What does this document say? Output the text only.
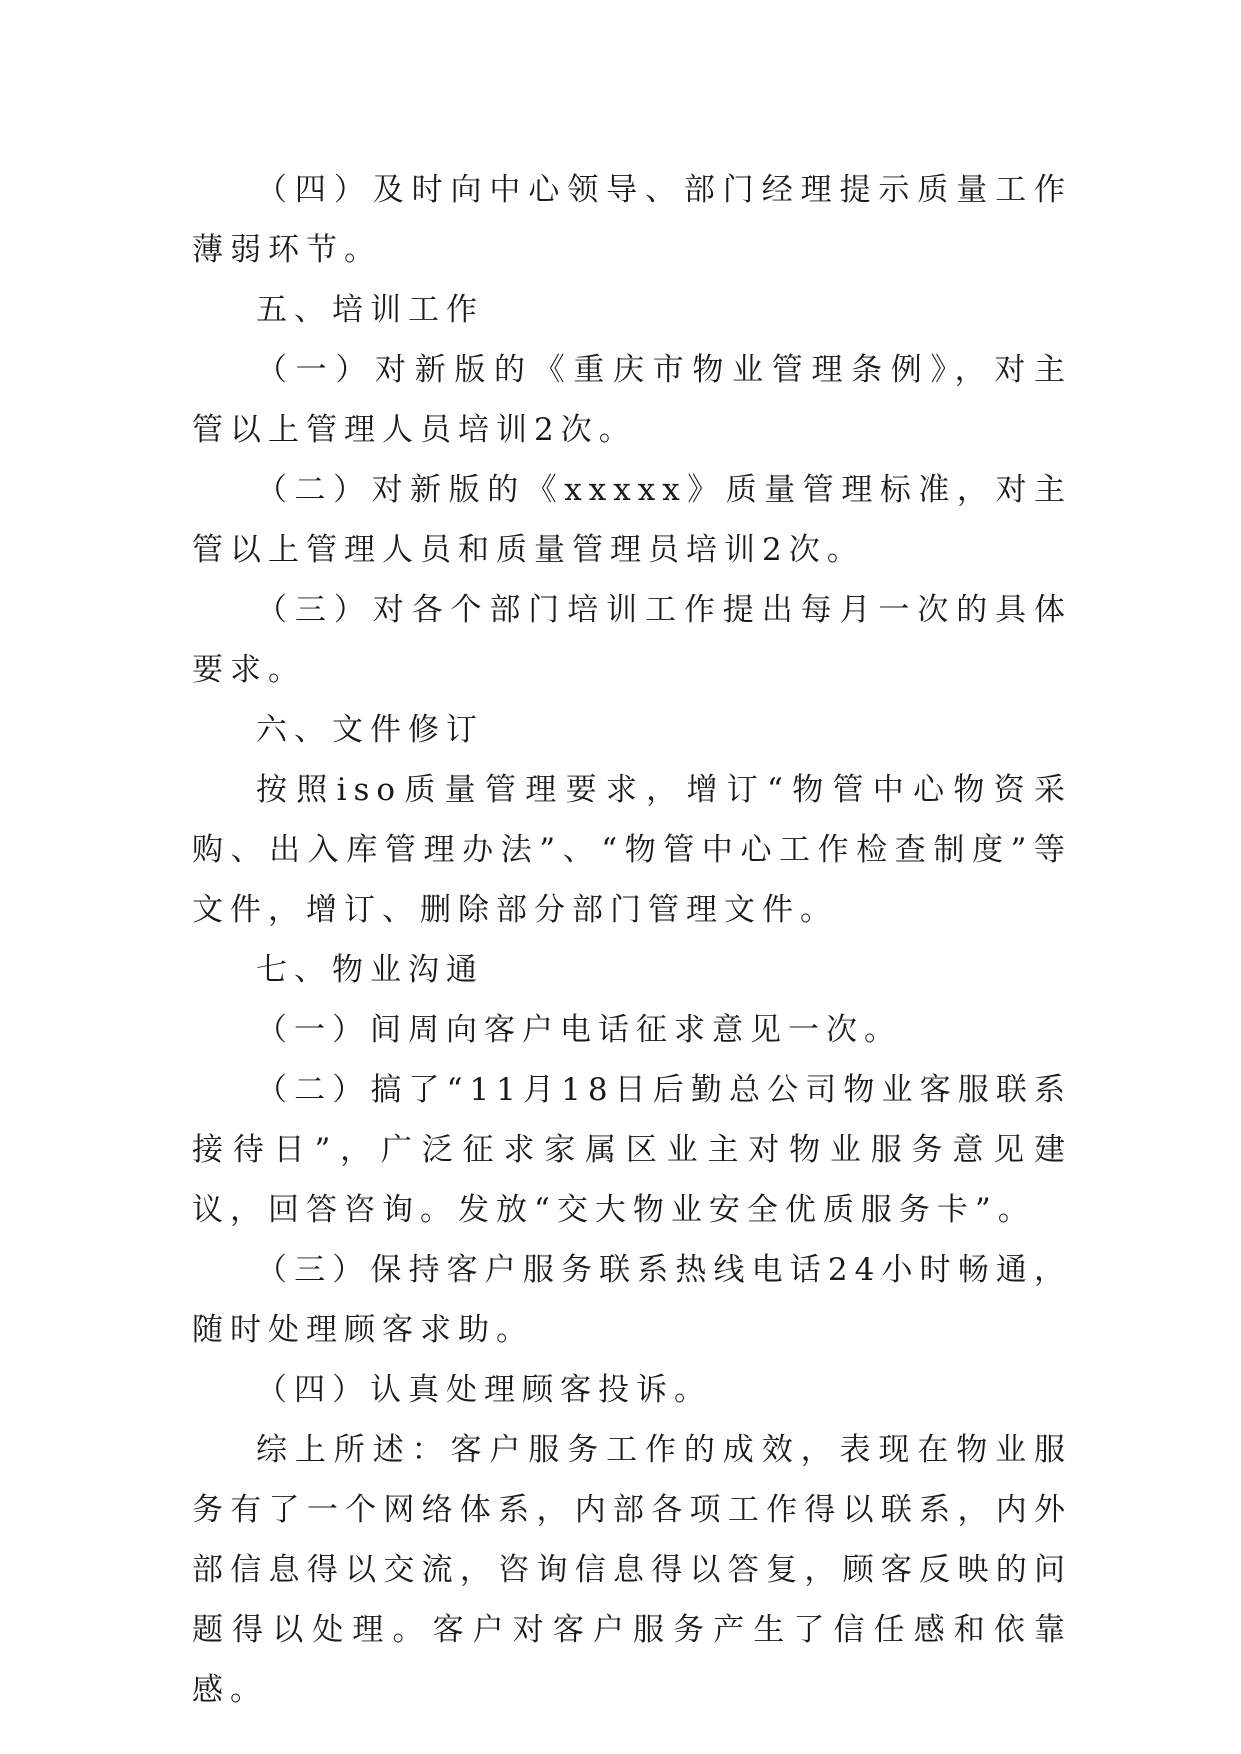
（四）及时向中心领导、部门经理提示质量工作薄弱环节。

五、培训工作

（一）对新版的《重庆市物业管理条例》，对主管以上管理人员培训2次。

（二）对新版的《xxxxx》质量管理标准，对主管以上管理人员和质量管理员培训2次。

（三）对各个部门培训工作提出每月一次的具体要求。

六、文件修订

按照iso质量管理要求，增订“物管中心物资采购、出入库管理办法”、“物管中心工作检查制度”等文件，增订、删除部分部门管理文件。

七、物业沟通

（一）间周向客户电话征求意见一次。

（二）搞了“11月18日后勤总公司物业客服联系接待日”，广泛征求家属区业主对物业服务意见建议，回答咨询。发放“交大物业安全优质服务卡”。

（三）保持客户服务联系热线电话24小时畅通，随时处理顾客求助。

（四）认真处理顾客投诉。

综上所述：客户服务工作的成效，表现在物业服务有了一个网络体系，内部各项工作得以联系，内外部信息得以交流，咨询信息得以答复，顾客反映的问题得以处理。客户对客户服务产生了信任感和依靠感。
